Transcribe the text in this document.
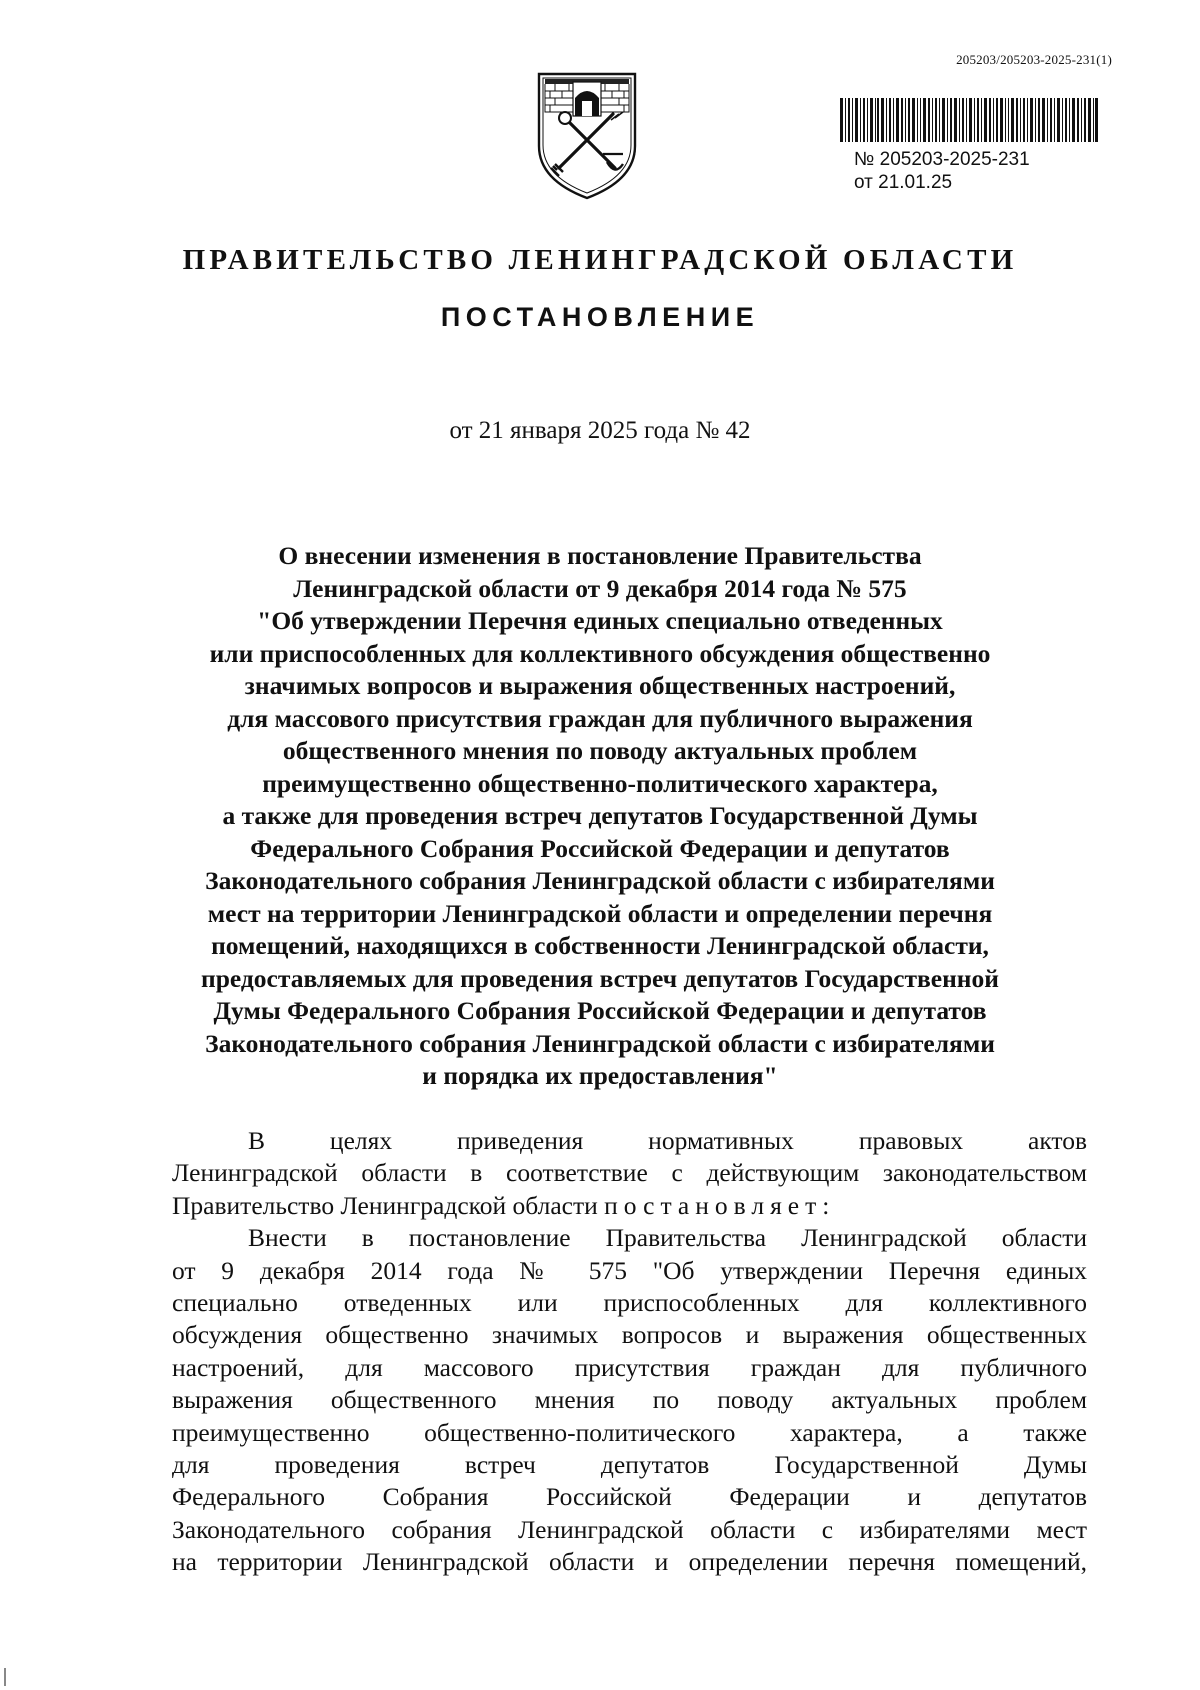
205203/205203-2025-231(1)
№ 205203-2025-231
от 21.01.25
ПРАВИТЕЛЬСТВО ЛЕНИНГРАДСКОЙ ОБЛАСТИ
ПОСТАНОВЛЕНИЕ
от 21 января 2025 года № 42
О внесении изменения в постановление Правительства
Ленинградской области от 9 декабря 2014 года № 575
"Об утверждении Перечня единых специально отведенных
или приспособленных для коллективного обсуждения общественно
значимых вопросов и выражения общественных настроений,
для массового присутствия граждан для публичного выражения
общественного мнения по поводу актуальных проблем
преимущественно общественно-политического характера,
а также для проведения встреч депутатов Государственной Думы
Федерального Собрания Российской Федерации и депутатов
Законодательного собрания Ленинградской области с избирателями
мест на территории Ленинградской области и определении перечня
помещений, находящихся в собственности Ленинградской области,
предоставляемых для проведения встреч депутатов Государственной
Думы Федерального Собрания Российской Федерации и депутатов
Законодательного собрания Ленинградской области с избирателями
и порядка их предоставления"

В целях приведения нормативных правовых актов
Ленинградской области в соответствие с действующим законодательством
Правительство Ленинградской области постановляет:

Внести в постановление Правительства Ленинградской области
от 9 декабря 2014 года № 575 "Об утверждении Перечня единых
специально отведенных или приспособленных для коллективного
обсуждения общественно значимых вопросов и выражения общественных
настроений, для массового присутствия граждан для публичного
выражения общественного мнения по поводу актуальных проблем
преимущественно общественно-политического характера, а также
для проведения встреч депутатов Государственной Думы
Федерального Собрания Российской Федерации и депутатов
Законодательного собрания Ленинградской области с избирателями мест
на территории Ленинградской области и определении перечня помещений,
